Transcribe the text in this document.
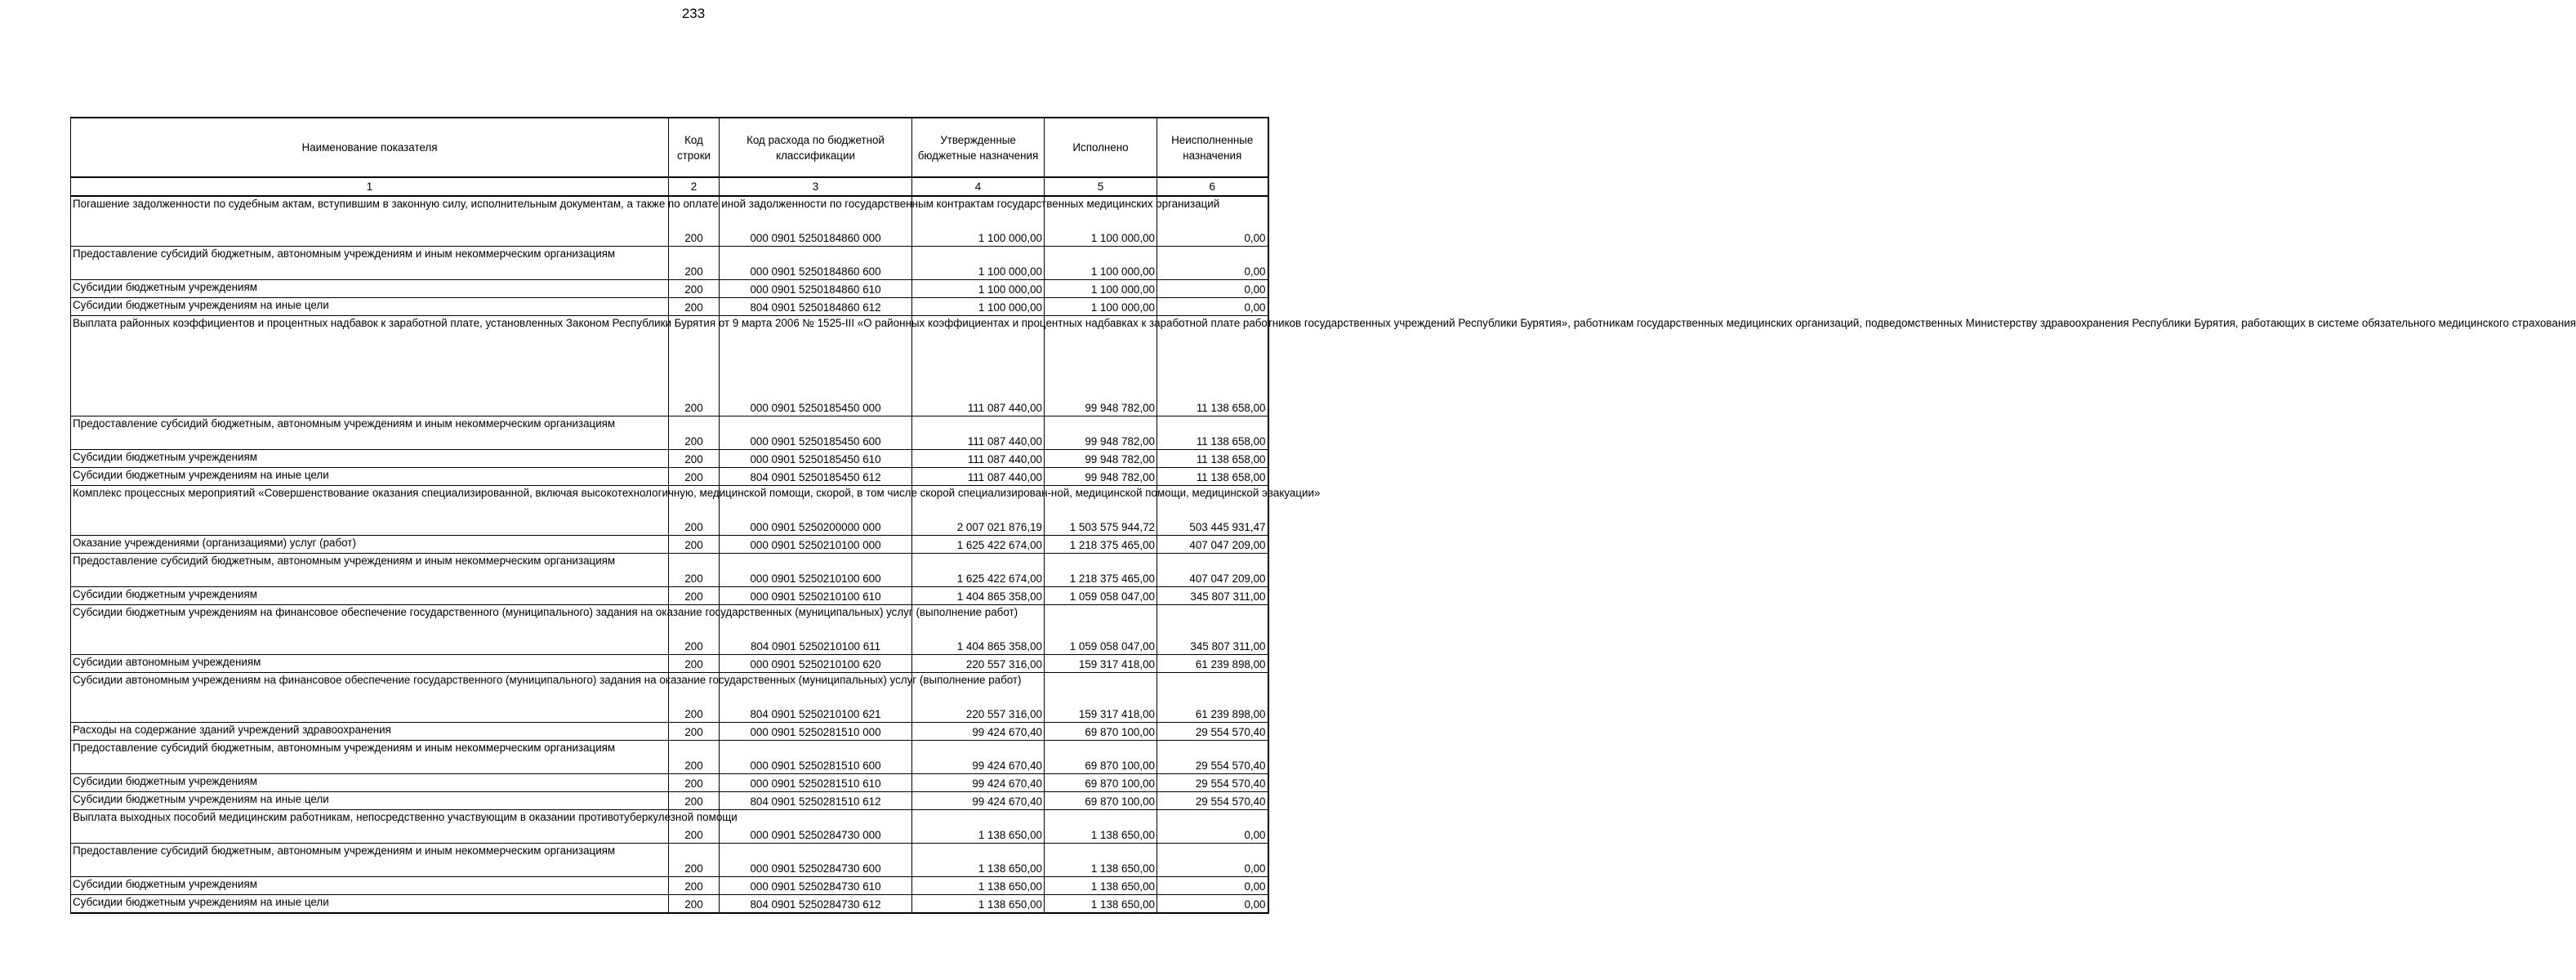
233
Наименование показателя	Код строки	Код расхода по бюджетной классификации	Утвержденные бюджетные назначения	Исполнено	Неисполненные назначения
1	2	3	4	5	6
Погашение задолженности по судебным актам, вступившим в законную силу, исполнительным документам, а также по оплате иной задолженности по государственным контрактам государственных медицинских организаций	200	000 0901 5250184860 000	1 100 000,00	1 100 000,00	0,00
Предоставление субсидий бюджетным, автономным учреждениям и иным некоммерческим организациям	200	000 0901 5250184860 600	1 100 000,00	1 100 000,00	0,00
Субсидии бюджетным учреждениям	200	000 0901 5250184860 610	1 100 000,00	1 100 000,00	0,00
Субсидии бюджетным учреждениям на иные цели	200	804 0901 5250184860 612	1 100 000,00	1 100 000,00	0,00
Выплата районных коэффициентов и процентных надбавок к заработной плате, установленных Законом Республики Бурятия от 9 марта 2006 № 1525-III «О районных коэффициентах и процентных надбавках к заработной плате работников государственных учреждений Республики Бурятия», работникам государственных медицинских организаций, подведомственных Министерству здравоохранения Республики Бурятия, работающих в системе обязательного медицинского страхования	200	000 0901 5250185450 000	111 087 440,00	99 948 782,00	11 138 658,00
Предоставление субсидий бюджетным, автономным учреждениям и иным некоммерческим организациям	200	000 0901 5250185450 600	111 087 440,00	99 948 782,00	11 138 658,00
Субсидии бюджетным учреждениям	200	000 0901 5250185450 610	111 087 440,00	99 948 782,00	11 138 658,00
Субсидии бюджетным учреждениям на иные цели	200	804 0901 5250185450 612	111 087 440,00	99 948 782,00	11 138 658,00
Комплекс процессных мероприятий «Совершенствование оказания специализированной, включая высокотехнологичную, медицинской помощи, скорой, в том числе скорой специализирован-ной, медицинской помощи, медицинской эвакуации»	200	000 0901 5250200000 000	2 007 021 876,19	1 503 575 944,72	503 445 931,47
Оказание учреждениями (организациями) услуг (работ)	200	000 0901 5250210100 000	1 625 422 674,00	1 218 375 465,00	407 047 209,00
Предоставление субсидий бюджетным, автономным учреждениям и иным некоммерческим организациям	200	000 0901 5250210100 600	1 625 422 674,00	1 218 375 465,00	407 047 209,00
Субсидии бюджетным учреждениям	200	000 0901 5250210100 610	1 404 865 358,00	1 059 058 047,00	345 807 311,00
Субсидии бюджетным учреждениям на финансовое обеспечение государственного (муниципального) задания на оказание государственных (муниципальных) услуг (выполнение работ)	200	804 0901 5250210100 611	1 404 865 358,00	1 059 058 047,00	345 807 311,00
Субсидии автономным учреждениям	200	000 0901 5250210100 620	220 557 316,00	159 317 418,00	61 239 898,00
Субсидии автономным учреждениям на финансовое обеспечение государственного (муниципального) задания на оказание государственных (муниципальных) услуг (выполнение работ)	200	804 0901 5250210100 621	220 557 316,00	159 317 418,00	61 239 898,00
Расходы на содержание зданий учреждений здравоохранения	200	000 0901 5250281510 000	99 424 670,40	69 870 100,00	29 554 570,40
Предоставление субсидий бюджетным, автономным учреждениям и иным некоммерческим организациям	200	000 0901 5250281510 600	99 424 670,40	69 870 100,00	29 554 570,40
Субсидии бюджетным учреждениям	200	000 0901 5250281510 610	99 424 670,40	69 870 100,00	29 554 570,40
Субсидии бюджетным учреждениям на иные цели	200	804 0901 5250281510 612	99 424 670,40	69 870 100,00	29 554 570,40
Выплата выходных пособий медицинским работникам, непосредственно участвующим в оказании противотуберкулезной помощи	200	000 0901 5250284730 000	1 138 650,00	1 138 650,00	0,00
Предоставление субсидий бюджетным, автономным учреждениям и иным некоммерческим организациям	200	000 0901 5250284730 600	1 138 650,00	1 138 650,00	0,00
Субсидии бюджетным учреждениям	200	000 0901 5250284730 610	1 138 650,00	1 138 650,00	0,00
Субсидии бюджетным учреждениям на иные цели	200	804 0901 5250284730 612	1 138 650,00	1 138 650,00	0,00
